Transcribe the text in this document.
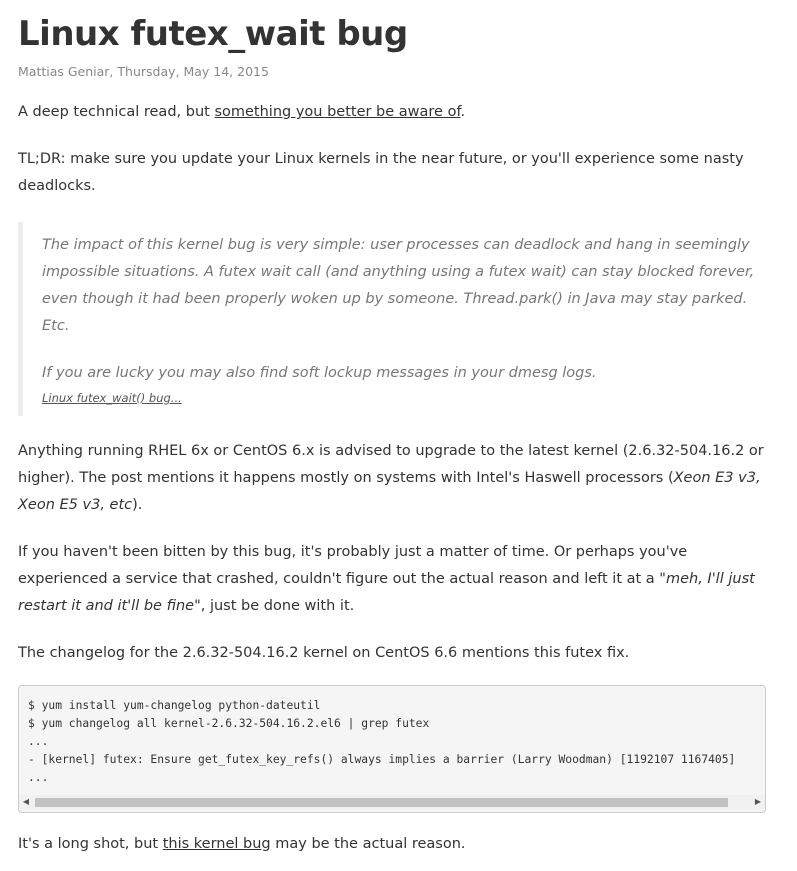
Linux futex_wait bug
Mattias Geniar, Thursday, May 14, 2015

A deep technical read, but something you better be aware of.

TL;DR: make sure you update your Linux kernels in the near future, or you'll experience some nasty deadlocks.

The impact of this kernel bug is very simple: user processes can deadlock and hang in seemingly impossible situations. A futex wait call (and anything using a futex wait) can stay blocked forever, even though it had been properly woken up by someone. Thread.park() in Java may stay parked. Etc.

If you are lucky you may also find soft lockup messages in your dmesg logs.

Linux futex_wait() bug...

Anything running RHEL 6x or CentOS 6.x is advised to upgrade to the latest kernel (2.6.32-504.16.2 or higher). The post mentions it happens mostly on systems with Intel's Haswell processors (Xeon E3 v3, Xeon E5 v3, etc).

If you haven't been bitten by this bug, it's probably just a matter of time. Or perhaps you've experienced a service that crashed, couldn't figure out the actual reason and left it at a "meh, I'll just restart it and it'll be fine", just be done with it.

The changelog for the 2.6.32-504.16.2 kernel on CentOS 6.6 mentions this futex fix.

$ yum install yum-changelog python-dateutil
$ yum changelog all kernel-2.6.32-504.16.2.el6 | grep futex
...
- [kernel] futex: Ensure get_futex_key_refs() always implies a barrier (Larry Woodman) [1192107 1167405]
...
◀	▶

It's a long shot, but this kernel bug may be the actual reason.
